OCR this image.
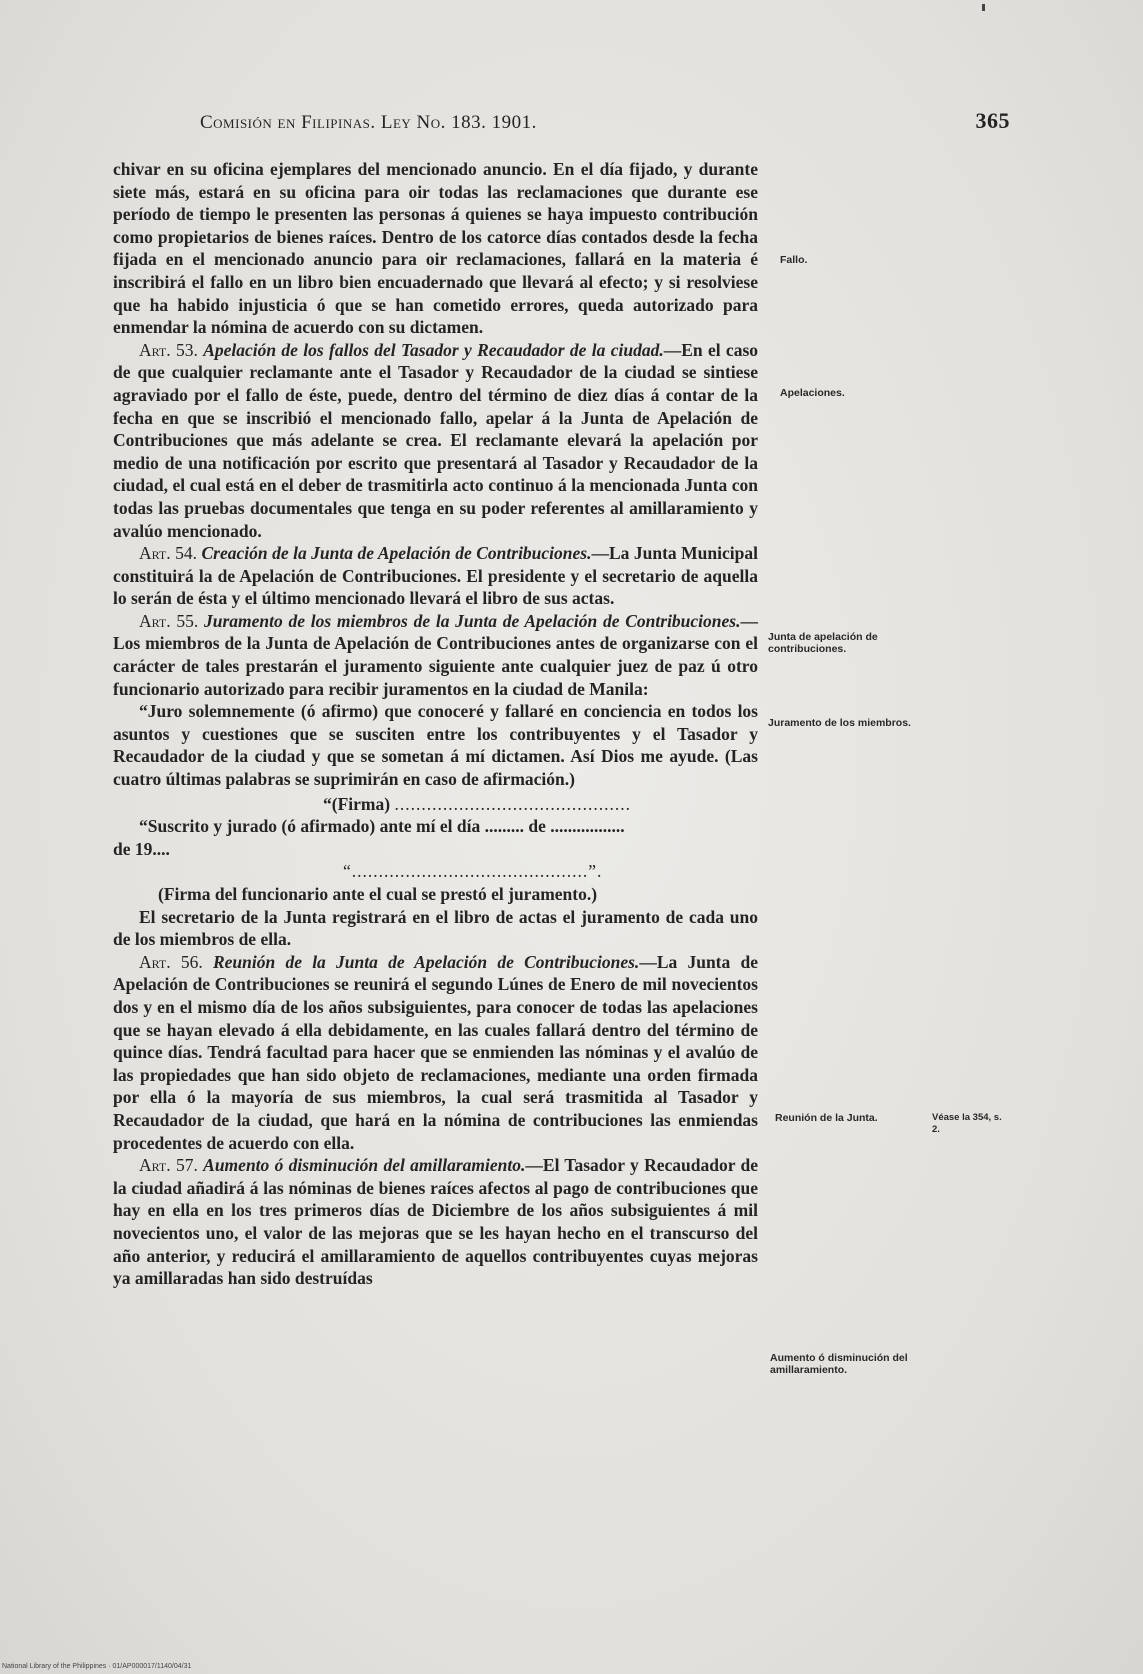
Comisión en Filipinas. Ley No. 183. 1901.	365

chivar en su oficina ejemplares del mencionado anuncio. En el día fijado, y durante siete más, estará en su oficina para oir todas las reclamaciones que durante ese período de tiempo le presenten las personas á quienes se haya impuesto contribución como propietarios de bienes raíces. Dentro de los catorce días contados desde la fecha fijada en el mencionado anuncio para oir reclamaciones, fallará en la materia é inscribirá el fallo en un libro bien encuadernado que llevará al efecto; y si resolviese que ha habido injusticia ó que se han cometido errores, queda autorizado para enmendar la nómina de acuerdo con su dictamen.

Art. 53. Apelación de los fallos del Tasador y Recaudador de la ciudad.—En el caso de que cualquier reclamante ante el Tasador y Recaudador de la ciudad se sintiese agraviado por el fallo de éste, puede, dentro del término de diez días á contar de la fecha en que se inscribió el mencionado fallo, apelar á la Junta de Apelación de Contribuciones que más adelante se crea. El reclamante elevará la apelación por medio de una notificación por escrito que presentará al Tasador y Recaudador de la ciudad, el cual está en el deber de trasmitirla acto continuo á la mencionada Junta con todas las pruebas documentales que tenga en su poder referentes al amillaramiento y avalúo mencionado.

Art. 54. Creación de la Junta de Apelación de Contribuciones.—La Junta Municipal constituirá la de Apelación de Contribuciones. El presidente y el secretario de aquella lo serán de ésta y el último mencionado llevará el libro de sus actas.

Art. 55. Juramento de los miembros de la Junta de Apelación de Contribuciones.—Los miembros de la Junta de Apelación de Contribuciones antes de organizarse con el carácter de tales prestarán el juramento siguiente ante cualquier juez de paz ú otro funcionario autorizado para recibir juramentos en la ciudad de Manila:

“Juro solemnemente (ó afirmo) que conoceré y fallaré en conciencia en todos los asuntos y cuestiones que se susciten entre los contribuyentes y el Tasador y Recaudador de la ciudad y que se sometan á mí dictamen. Así Dios me ayude. (Las cuatro últimas palabras se suprimirán en caso de afirmación.)

“(Firma) ............................................

“Suscrito y jurado (ó afirmado) ante mí el día ......... de .................

de 19....

“............................................”.

(Firma del funcionario ante el cual se prestó el juramento.)

El secretario de la Junta registrará en el libro de actas el juramento de cada uno de los miembros de ella.

Art. 56. Reunión de la Junta de Apelación de Contribuciones.—La Junta de Apelación de Contribuciones se reunirá el segundo Lúnes de Enero de mil novecientos dos y en el mismo día de los años subsiguientes, para conocer de todas las apelaciones que se hayan elevado á ella debidamente, en las cuales fallará dentro del término de quince días. Tendrá facultad para hacer que se enmienden las nóminas y el avalúo de las propiedades que han sido objeto de reclamaciones, mediante una orden firmada por ella ó la mayoría de sus miembros, la cual será trasmitida al Tasador y Recaudador de la ciudad, que hará en la nómina de contribuciones las enmiendas procedentes de acuerdo con ella.

Art. 57. Aumento ó disminución del amillaramiento.—El Tasador y Recaudador de la ciudad añadirá á las nóminas de bienes raíces afectos al pago de contribuciones que hay en ella en los tres primeros días de Diciembre de los años subsiguientes á mil novecientos uno, el valor de las mejoras que se les hayan hecho en el transcurso del año anterior, y reducirá el amillaramiento de aquellos contribuyentes cuyas mejoras ya amillaradas han sido destruídas

Fallo.
Apelaciones.
Junta de apelación de contribuciones.
Juramento de los miembros.
Reunión de la Junta.	Véase la 354, s. 2.
Aumento ó disminución del amillaramiento.
National Library of the Philippines · 01/AP000017/1140/04/31
